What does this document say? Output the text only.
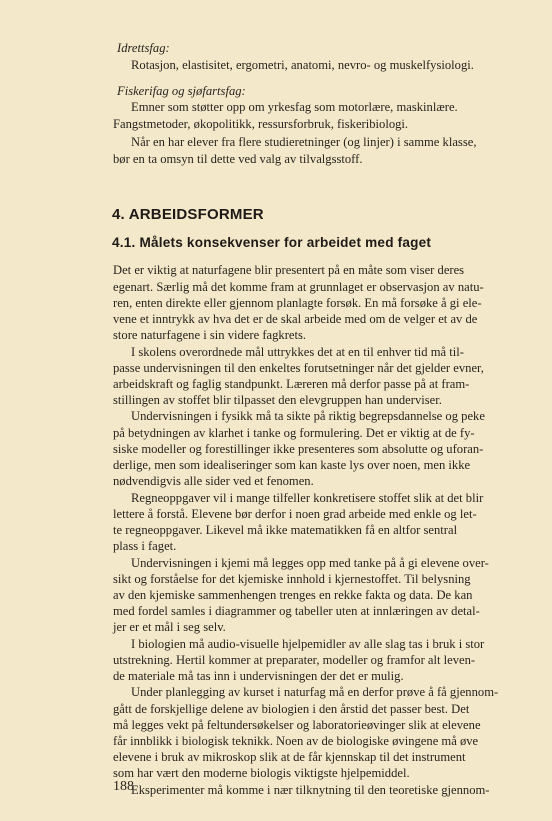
Idrettsfag:
Rotasjon, elastisitet, ergometri, anatomi, nevro- og muskelfysiologi.
Fiskerifag og sjøfartsfag:
Emner som støtter opp om yrkesfag som motorlære, maskinlære.
Fangstmetoder, økopolitikk, ressursforbruk, fiskeribiologi.
Når en har elever fra flere studieretninger (og linjer) i samme klasse,
bør en ta omsyn til dette ved valg av tilvalgsstoff.
4. ARBEIDSFORMER
4.1. Målets konsekvenser for arbeidet med faget
Det er viktig at naturfagene blir presentert på en måte som viser deres
egenart. Særlig må det komme fram at grunnlaget er observasjon av natu-
ren, enten direkte eller gjennom planlagte forsøk. En må forsøke å gi ele-
vene et inntrykk av hva det er de skal arbeide med om de velger et av de
store naturfagene i sin videre fagkrets.
I skolens overordnede mål uttrykkes det at en til enhver tid må til-
passe undervisningen til den enkeltes forutsetninger når det gjelder evner,
arbeidskraft og faglig standpunkt. Læreren må derfor passe på at fram-
stillingen av stoffet blir tilpasset den elevgruppen han underviser.
Undervisningen i fysikk må ta sikte på riktig begrepsdannelse og peke
på betydningen av klarhet i tanke og formulering. Det er viktig at de fy-
siske modeller og forestillinger ikke presenteres som absolutte og uforan-
derlige, men som idealiseringer som kan kaste lys over noen, men ikke
nødvendigvis alle sider ved et fenomen.
Regneoppgaver vil i mange tilfeller konkretisere stoffet slik at det blir
lettere å forstå. Elevene bør derfor i noen grad arbeide med enkle og let-
te regneoppgaver. Likevel må ikke matematikken få en altfor sentral
plass i faget.
Undervisningen i kjemi må legges opp med tanke på å gi elevene over-
sikt og forståelse for det kjemiske innhold i kjernestoffet. Til belysning
av den kjemiske sammenhengen trenges en rekke fakta og data. De kan
med fordel samles i diagrammer og tabeller uten at innlæringen av detal-
jer er et mål i seg selv.
I biologien må audio-visuelle hjelpemidler av alle slag tas i bruk i stor
utstrekning. Hertil kommer at preparater, modeller og framfor alt leven-
de materiale må tas inn i undervisningen der det er mulig.
Under planlegging av kurset i naturfag må en derfor prøve å få gjennom-
gått de forskjellige delene av biologien i den årstid det passer best. Det
må legges vekt på feltundersøkelser og laboratorieøvinger slik at elevene
får innblikk i biologisk teknikk. Noen av de biologiske øvingene må øve
elevene i bruk av mikroskop slik at de får kjennskap til det instrument
som har vært den moderne biologis viktigste hjelpemiddel.
Eksperimenter må komme i nær tilknytning til den teoretiske gjennom-
188
